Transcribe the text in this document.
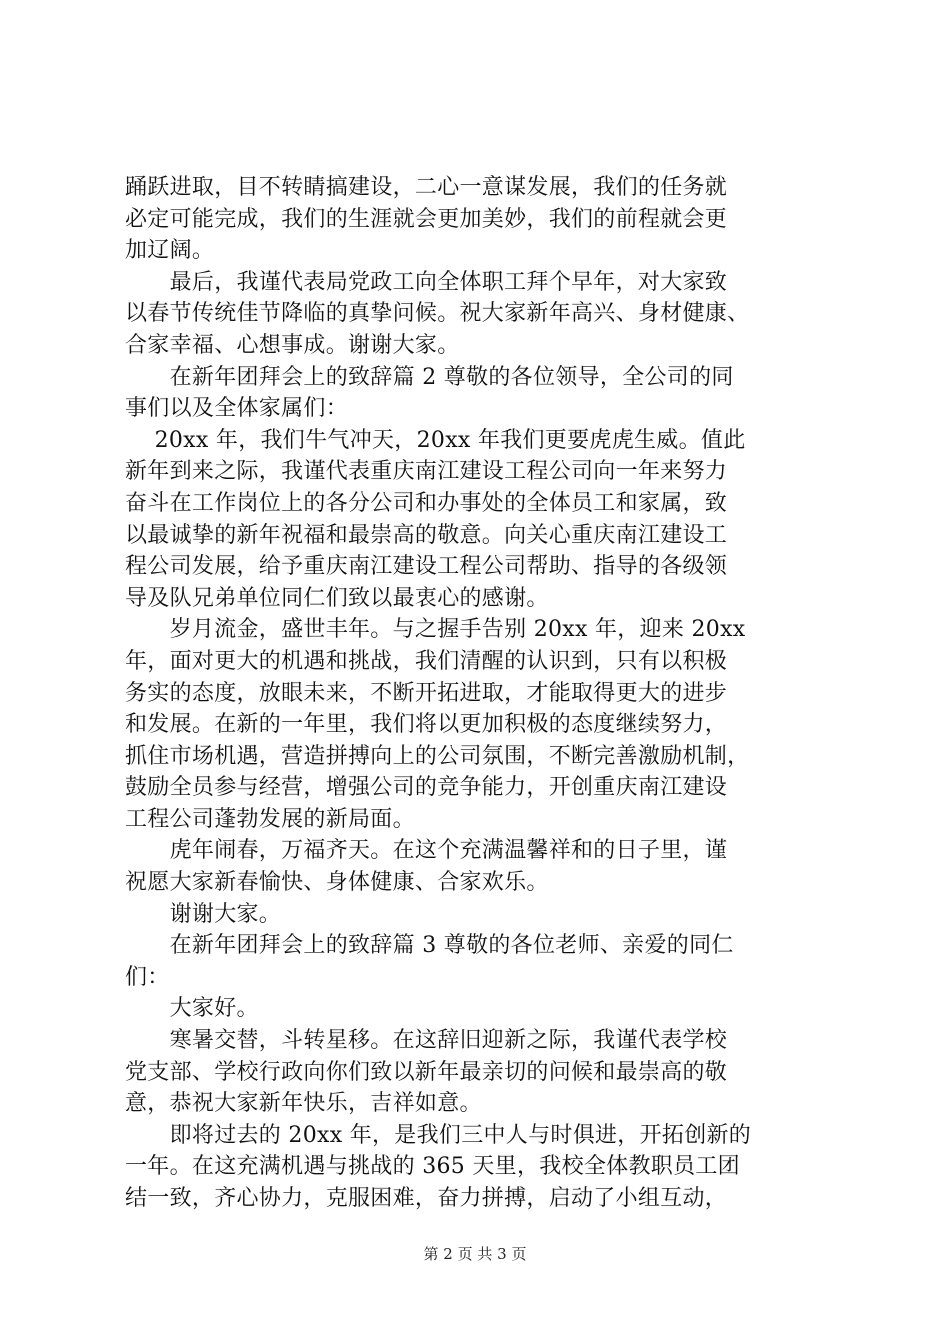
踊跃进取，目不转睛搞建设，二心一意谋发展，我们的任务就
必定可能完成，我们的生涯就会更加美妙，我们的前程就会更
加辽阔。
　　最后，我谨代表局党政工向全体职工拜个早年，对大家致
以春节传统佳节降临的真挚问候。祝大家新年高兴、身材健康、
合家幸福、心想事成。谢谢大家。
　　在新年团拜会上的致辞篇 2 尊敬的各位领导，全公司的同
事们以及全体家属们：
　 20xx 年，我们牛气冲天，20xx 年我们更要虎虎生威。值此
新年到来之际，我谨代表重庆南江建设工程公司向一年来努力
奋斗在工作岗位上的各分公司和办事处的全体员工和家属，致
以最诚挚的新年祝福和最崇高的敬意。向关心重庆南江建设工
程公司发展，给予重庆南江建设工程公司帮助、指导的各级领
导及队兄弟单位同仁们致以最衷心的感谢。
　　岁月流金，盛世丰年。与之握手告别 20xx 年，迎来 20xx
年，面对更大的机遇和挑战，我们清醒的认识到，只有以积极
务实的态度，放眼未来，不断开拓进取，才能取得更大的进步
和发展。在新的一年里，我们将以更加积极的态度继续努力，
抓住市场机遇，营造拼搏向上的公司氛围，不断完善激励机制，
鼓励全员参与经营，增强公司的竞争能力，开创重庆南江建设
工程公司蓬勃发展的新局面。
　　虎年闹春，万福齐天。在这个充满温馨祥和的日子里，谨
祝愿大家新春愉快、身体健康、合家欢乐。
　　谢谢大家。
　　在新年团拜会上的致辞篇 3 尊敬的各位老师、亲爱的同仁
们：
　　大家好。
　　寒暑交替，斗转星移。在这辞旧迎新之际，我谨代表学校
党支部、学校行政向你们致以新年最亲切的问候和最崇高的敬
意，恭祝大家新年快乐，吉祥如意。
　　即将过去的 20xx 年，是我们三中人与时俱进，开拓创新的
一年。在这充满机遇与挑战的 365 天里，我校全体教职员工团
结一致，齐心协力，克服困难，奋力拼搏，启动了小组互动，
第 2 页 共 3 页
